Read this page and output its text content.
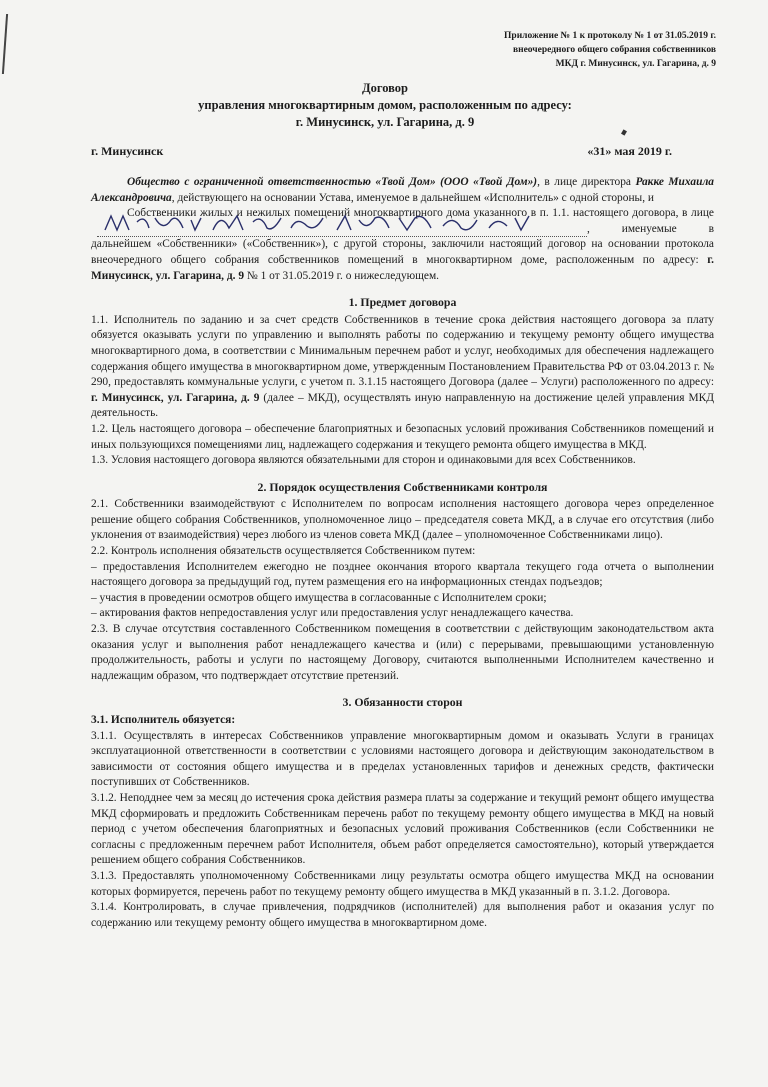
Приложение № 1 к протоколу № 1 от 31.05.2019 г.
внеочередного общего собрания собственников
МКД г. Минусинск, ул. Гагарина, д. 9
Договор
управления многоквартирным домом, расположенным по адресу:
г. Минусинск, ул. Гагарина, д. 9
г. Минусинск	«31» мая 2019 г.

Общество с ограниченной ответственностью «Твой Дом» (ООО «Твой Дом»), в лице директора Ракке Михаила Александровича, действующего на основании Устава, именуемое в дальнейшем «Исполнитель» с одной стороны, и

Собственники жилых и нежилых помещений многоквартирного дома указанного в п. 1.1. настоящего договора, в лице
, именуемые в дальнейшем «Собственники» («Собственник»), с другой стороны, заключили настоящий договор на основании протокола внеочередного общего собрания собственников помещений в многоквартирном доме, расположенным по адресу: г. Минусинск, ул. Гагарина, д. 9 № 1 от 31.05.2019 г. о нижеследующем.

1. Предмет договора

1.1. Исполнитель по заданию и за счет средств Собственников в течение срока действия настоящего договора за плату обязуется оказывать услуги по управлению и выполнять работы по содержанию и текущему ремонту общего имущества многоквартирного дома, в соответствии с Минимальным перечнем работ и услуг, необходимых для обеспечения надлежащего содержания общего имущества в многоквартирном доме, утвержденным Постановлением Правительства РФ от 03.04.2013 г. № 290, предоставлять коммунальные услуги, с учетом п. 3.1.15 настоящего Договора (далее – Услуги) расположенного по адресу: г. Минусинск, ул. Гагарина, д. 9 (далее – МКД), осуществлять иную направленную на достижение целей управления МКД деятельность.

1.2. Цель настоящего договора – обеспечение благоприятных и безопасных условий проживания Собственников помещений и иных пользующихся помещениями лиц, надлежащего содержания и текущего ремонта общего имущества в МКД.

1.3. Условия настоящего договора являются обязательными для сторон и одинаковыми для всех Собственников.

2. Порядок осуществления Собственниками контроля

2.1. Собственники взаимодействуют с Исполнителем по вопросам исполнения настоящего договора через определенное решение общего собрания Собственников, уполномоченное лицо – председателя совета МКД, а в случае его отсутствия (либо уклонения от взаимодействия) через любого из членов совета МКД (далее – уполномоченное Собственниками лицо).

2.2. Контроль исполнения обязательств осуществляется Собственником путем:

– предоставления Исполнителем ежегодно не позднее окончания второго квартала текущего года отчета о выполнении настоящего договора за предыдущий год, путем размещения его на информационных стендах подъездов;

– участия в проведении осмотров общего имущества в согласованные с Исполнителем сроки;

– актирования фактов непредоставления услуг или предоставления услуг ненадлежащего качества.

2.3. В случае отсутствия составленного Собственником помещения в соответствии с действующим законодательством акта оказания услуг и выполнения работ ненадлежащего качества и (или) с перерывами, превышающими установленную продолжительность, работы и услуги по настоящему Договору, считаются выполненными Исполнителем качественно и надлежащим образом, что подтверждает отсутствие претензий.

3. Обязанности сторон

3.1. Исполнитель обязуется:

3.1.1. Осуществлять в интересах Собственников управление многоквартирным домом и оказывать Услуги в границах эксплуатационной ответственности в соответствии с условиями настоящего договора и действующим законодательством в зависимости от состояния общего имущества и в пределах установленных тарифов и денежных средств, фактически поступивших от Собственников.

3.1.2. Неподднее чем за месяц до истечения срока действия размера платы за содержание и текущий ремонт общего имущества МКД сформировать и предложить Собственникам перечень работ по текущему ремонту общего имущества в МКД на новый период с учетом обеспечения благоприятных и безопасных условий проживания Собственников (если Собственники не согласны с предложенным перечнем работ Исполнителя, объем работ определяется самостоятельно), который утверждается решением общего собрания Собственников.

3.1.3. Предоставлять уполномоченному Собственниками лицу результаты осмотра общего имущества МКД на основании которых формируется, перечень работ по текущему ремонту общего имущества в МКД указанный в п. 3.1.2. Договора.

3.1.4. Контролировать, в случае привлечения, подрядчиков (исполнителей) для выполнения работ и оказания услуг по содержанию или текущему ремонту общего имущества в многоквартирном доме.
